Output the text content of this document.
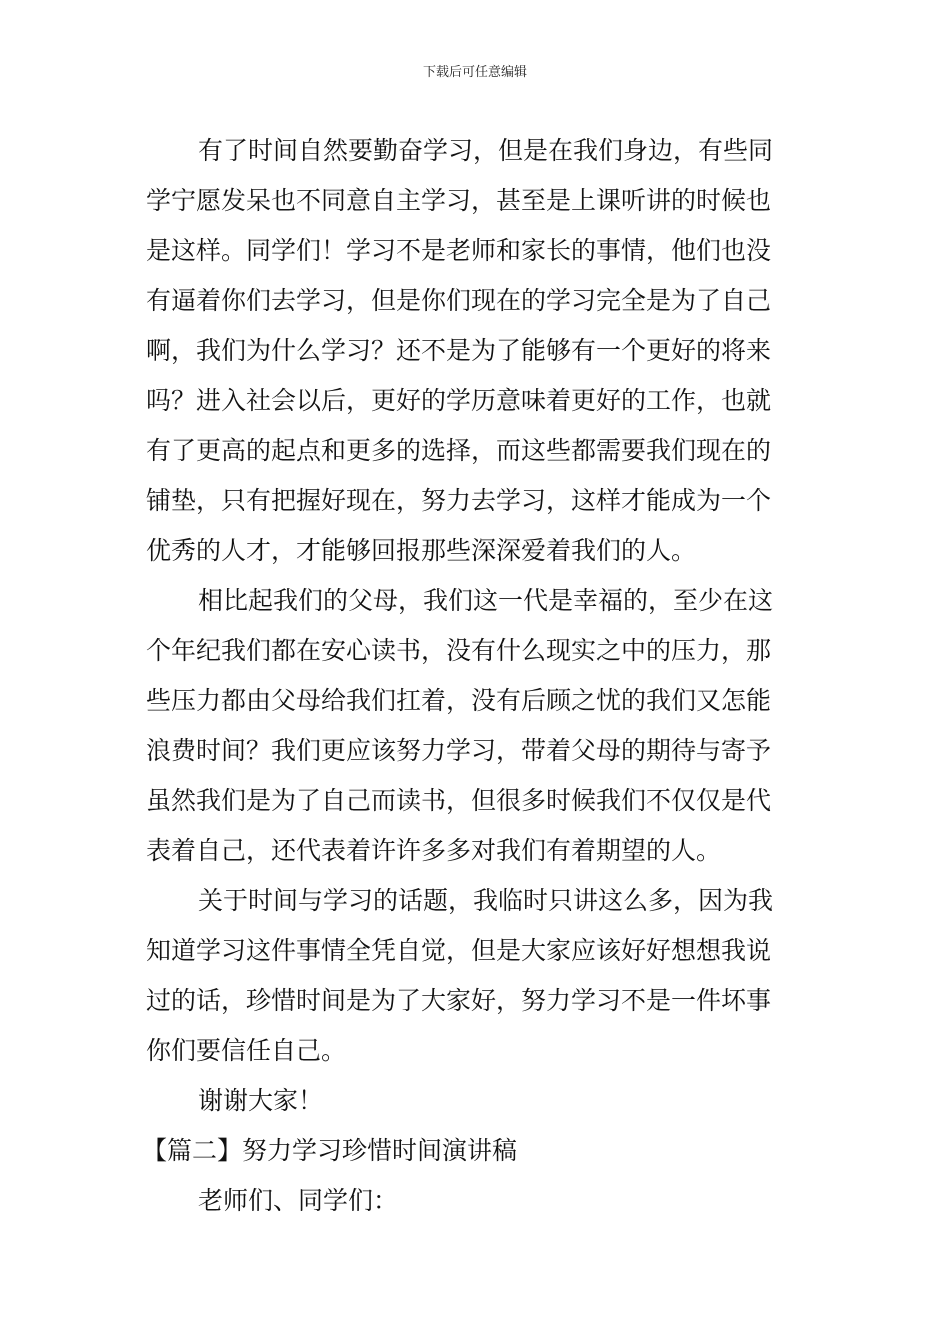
下载后可任意编辑
有了时间自然要勤奋学习，但是在我们身边，有些同
学宁愿发呆也不同意自主学习，甚至是上课听讲的时候也
是这样。同学们！学习不是老师和家长的事情，他们也没
有逼着你们去学习，但是你们现在的学习完全是为了自己
啊，我们为什么学习？还不是为了能够有一个更好的将来
吗？进入社会以后，更好的学历意味着更好的工作，也就
有了更高的起点和更多的选择，而这些都需要我们现在的
铺垫，只有把握好现在，努力去学习，这样才能成为一个
优秀的人才，才能够回报那些深深爱着我们的人。
相比起我们的父母，我们这一代是幸福的，至少在这
个年纪我们都在安心读书，没有什么现实之中的压力，那
些压力都由父母给我们扛着，没有后顾之忧的我们又怎能
浪费时间？我们更应该努力学习，带着父母的期待与寄予
虽然我们是为了自己而读书，但很多时候我们不仅仅是代
表着自己，还代表着许许多多对我们有着期望的人。
关于时间与学习的话题，我临时只讲这么多，因为我
知道学习这件事情全凭自觉，但是大家应该好好想想我说
过的话，珍惜时间是为了大家好，努力学习不是一件坏事
你们要信任自己。
谢谢大家！
【篇二】努力学习珍惜时间演讲稿
老师们、同学们：
